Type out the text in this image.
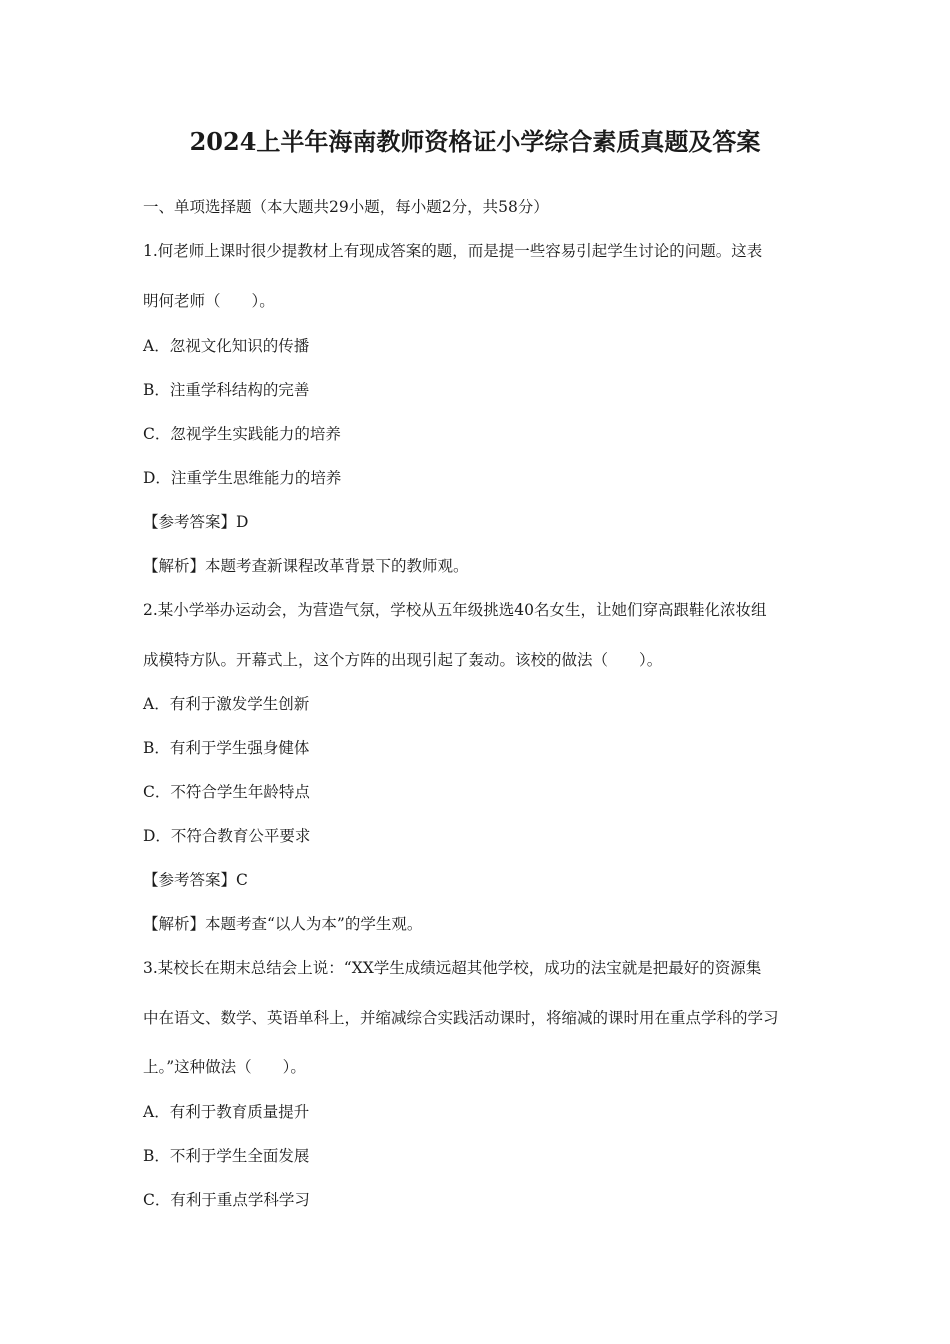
2024上半年海南教师资格证小学综合素质真题及答案
一、单项选择题（本大题共29小题，每小题2分，共58分）
1.何老师上课时很少提教材上有现成答案的题，而是提一些容易引起学生讨论的问题。这表
明何老师（　　）。
A．忽视文化知识的传播
B．注重学科结构的完善
C．忽视学生实践能力的培养
D．注重学生思维能力的培养
【参考答案】D
【解析】本题考查新课程改革背景下的教师观。
2.某小学举办运动会，为营造气氛，学校从五年级挑选40名女生，让她们穿高跟鞋化浓妆组
成模特方队。开幕式上，这个方阵的出现引起了轰动。该校的做法（　　）。
A．有利于激发学生创新
B．有利于学生强身健体
C．不符合学生年龄特点
D．不符合教育公平要求
【参考答案】C
【解析】本题考查“以人为本”的学生观。
3.某校长在期末总结会上说：“XX学生成绩远超其他学校，成功的法宝就是把最好的资源集
中在语文、数学、英语单科上，并缩减综合实践活动课时，将缩减的课时用在重点学科的学习
上。”这种做法（　　）。
A．有利于教育质量提升
B．不利于学生全面发展
C．有利于重点学科学习
